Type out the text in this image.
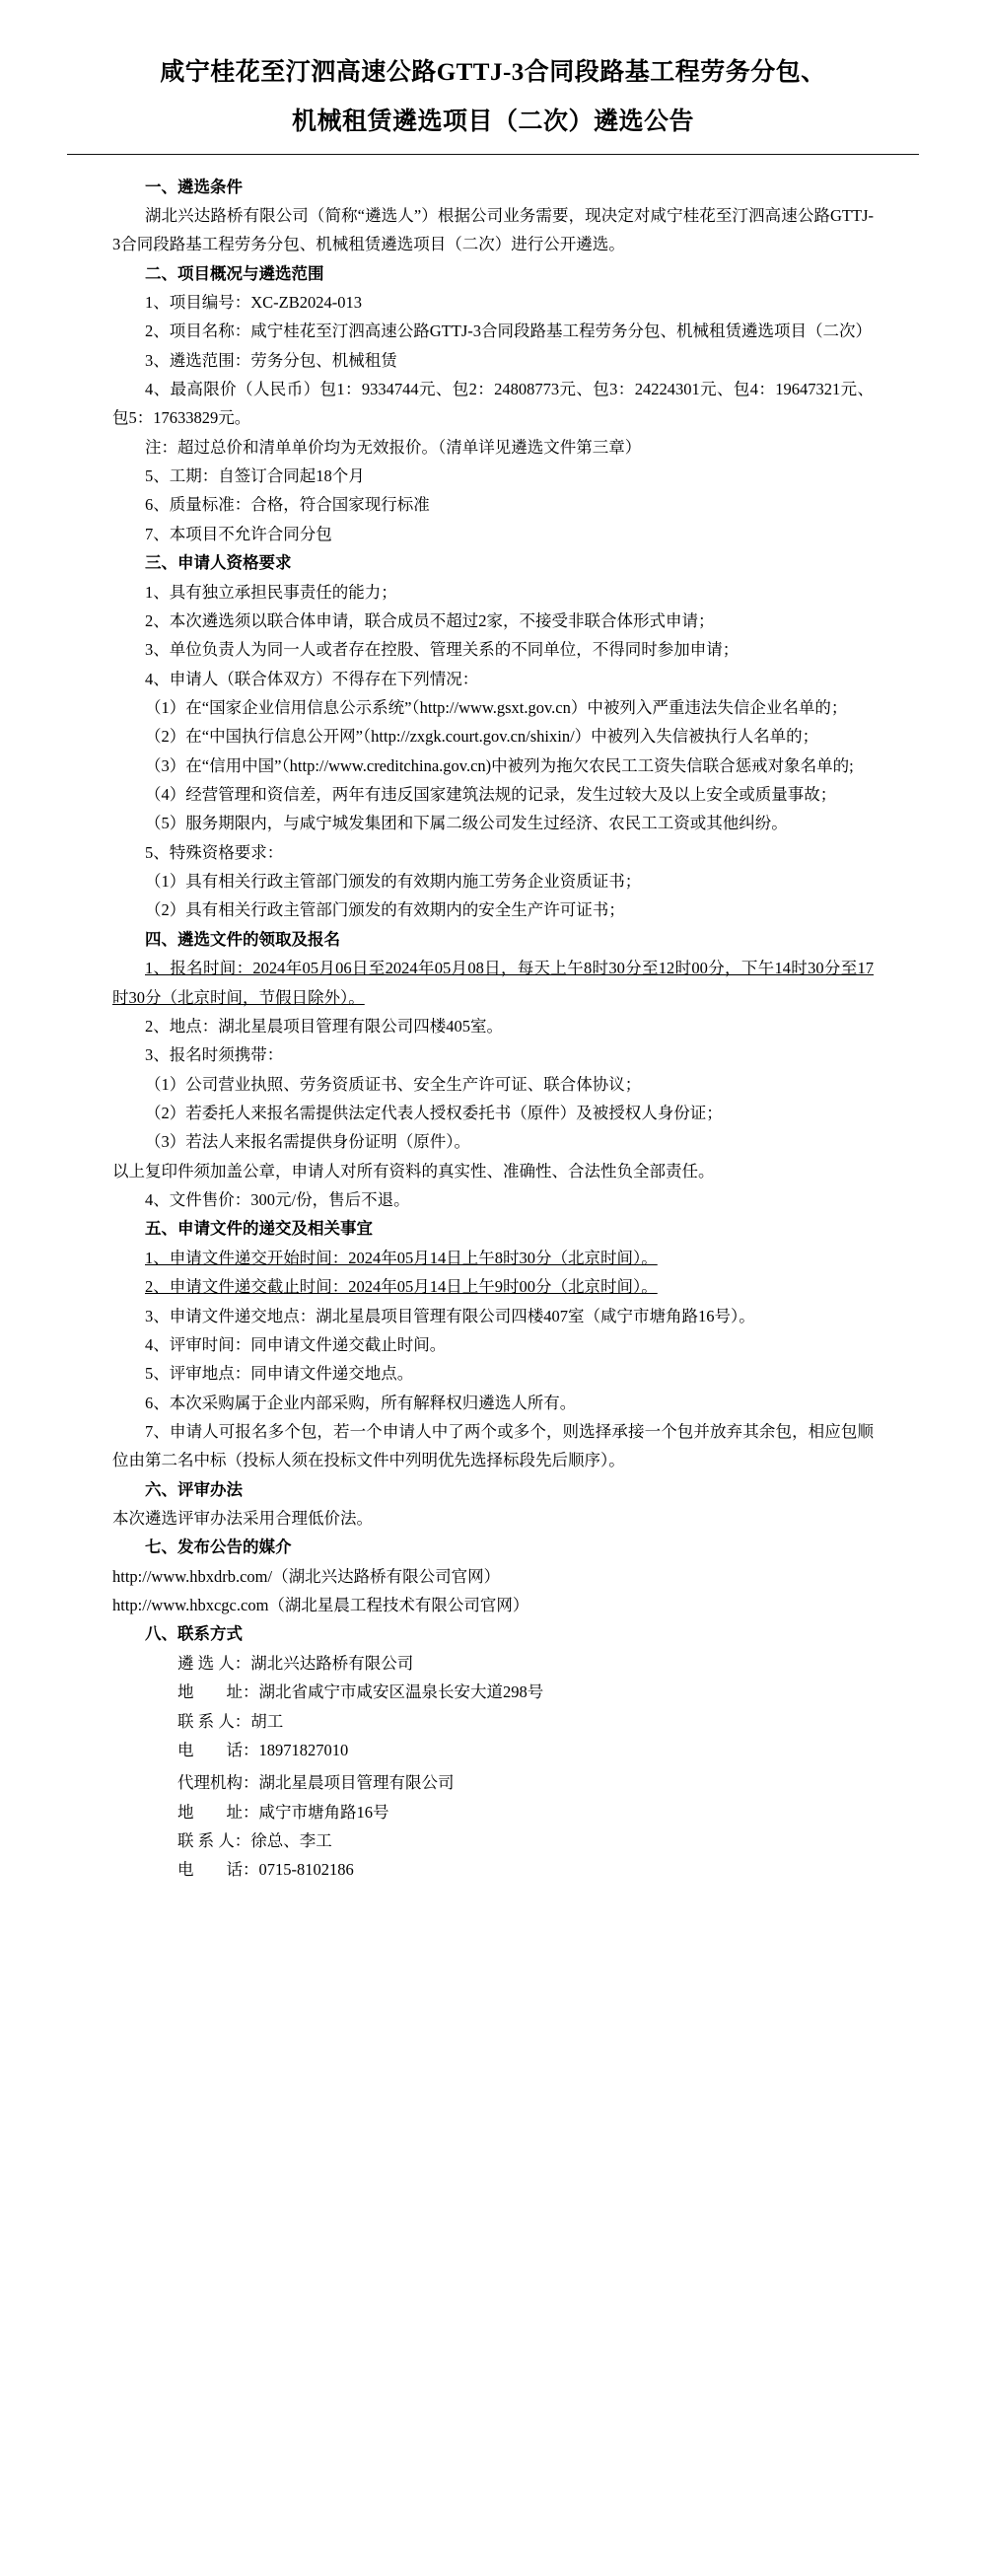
咸宁桂花至汀泗高速公路GTTJ-3合同段路基工程劳务分包、
机械租赁遴选项目（二次）遴选公告

一、遴选条件

湖北兴达路桥有限公司（简称“遴选人”）根据公司业务需要，现决定对咸宁桂花至汀泗高速公路GTTJ-3合同段路基工程劳务分包、机械租赁遴选项目（二次）进行公开遴选。

二、项目概况与遴选范围

1、项目编号：XC-ZB2024-013

2、项目名称：咸宁桂花至汀泗高速公路GTTJ-3合同段路基工程劳务分包、机械租赁遴选项目（二次）

3、遴选范围：劳务分包、机械租赁

4、最高限价（人民币）包1：9334744元、包2：24808773元、包3：24224301元、包4：19647321元、包5：17633829元。

注：超过总价和清单单价均为无效报价。（清单详见遴选文件第三章）

5、工期：自签订合同起18个月

6、质量标准：合格，符合国家现行标准

7、本项目不允许合同分包

三、申请人资格要求

1、具有独立承担民事责任的能力；

2、本次遴选须以联合体申请，联合成员不超过2家，不接受非联合体形式申请；

3、单位负责人为同一人或者存在控股、管理关系的不同单位，不得同时参加申请；

4、申请人（联合体双方）不得存在下列情况：

（1）在“国家企业信用信息公示系统”（http://www.gsxt.gov.cn）中被列入严重违法失信企业名单的；

（2）在“中国执行信息公开网”（http://zxgk.court.gov.cn/shixin/）中被列入失信被执行人名单的；

（3）在“信用中国”（http://www.creditchina.gov.cn)中被列为拖欠农民工工资失信联合惩戒对象名单的;

（4）经营管理和资信差，两年有违反国家建筑法规的记录，发生过较大及以上安全或质量事故；

（5）服务期限内，与咸宁城发集团和下属二级公司发生过经济、农民工工资或其他纠纷。

5、特殊资格要求：

（1）具有相关行政主管部门颁发的有效期内施工劳务企业资质证书；

（2）具有相关行政主管部门颁发的有效期内的安全生产许可证书；

四、遴选文件的领取及报名

1、报名时间：2024年05月06日至2024年05月08日，每天上午8时30分至12时00分，下午14时30分至17时30分（北京时间，节假日除外）。

2、地点：湖北星晨项目管理有限公司四楼405室。

3、报名时须携带：

（1）公司营业执照、劳务资质证书、安全生产许可证、联合体协议；

（2）若委托人来报名需提供法定代表人授权委托书（原件）及被授权人身份证；

（3）若法人来报名需提供身份证明（原件）。

以上复印件须加盖公章，申请人对所有资料的真实性、准确性、合法性负全部责任。

4、文件售价：300元/份，售后不退。

五、申请文件的递交及相关事宜

1、申请文件递交开始时间：2024年05月14日上午8时30分（北京时间）。

2、申请文件递交截止时间：2024年05月14日上午9时00分（北京时间）。

3、申请文件递交地点：湖北星晨项目管理有限公司四楼407室（咸宁市塘角路16号）。

4、评审时间：同申请文件递交截止时间。

5、评审地点：同申请文件递交地点。

6、本次采购属于企业内部采购，所有解释权归遴选人所有。

7、申请人可报名多个包，若一个申请人中了两个或多个，则选择承接一个包并放弃其余包，相应包顺位由第二名中标（投标人须在投标文件中列明优先选择标段先后顺序）。

六、评审办法

本次遴选评审办法采用合理低价法。

七、发布公告的媒介

http://www.hbxdrb.com/（湖北兴达路桥有限公司官网）

http://www.hbxcgc.com（湖北星晨工程技术有限公司官网）

八、联系方式

遴 选 人：湖北兴达路桥有限公司

地　　址：湖北省咸宁市咸安区温泉长安大道298号

联 系 人：胡工

电　　话：18971827010

代理机构：湖北星晨项目管理有限公司

地　　址：咸宁市塘角路16号

联 系 人：徐总、李工

电　　话：0715-8102186
